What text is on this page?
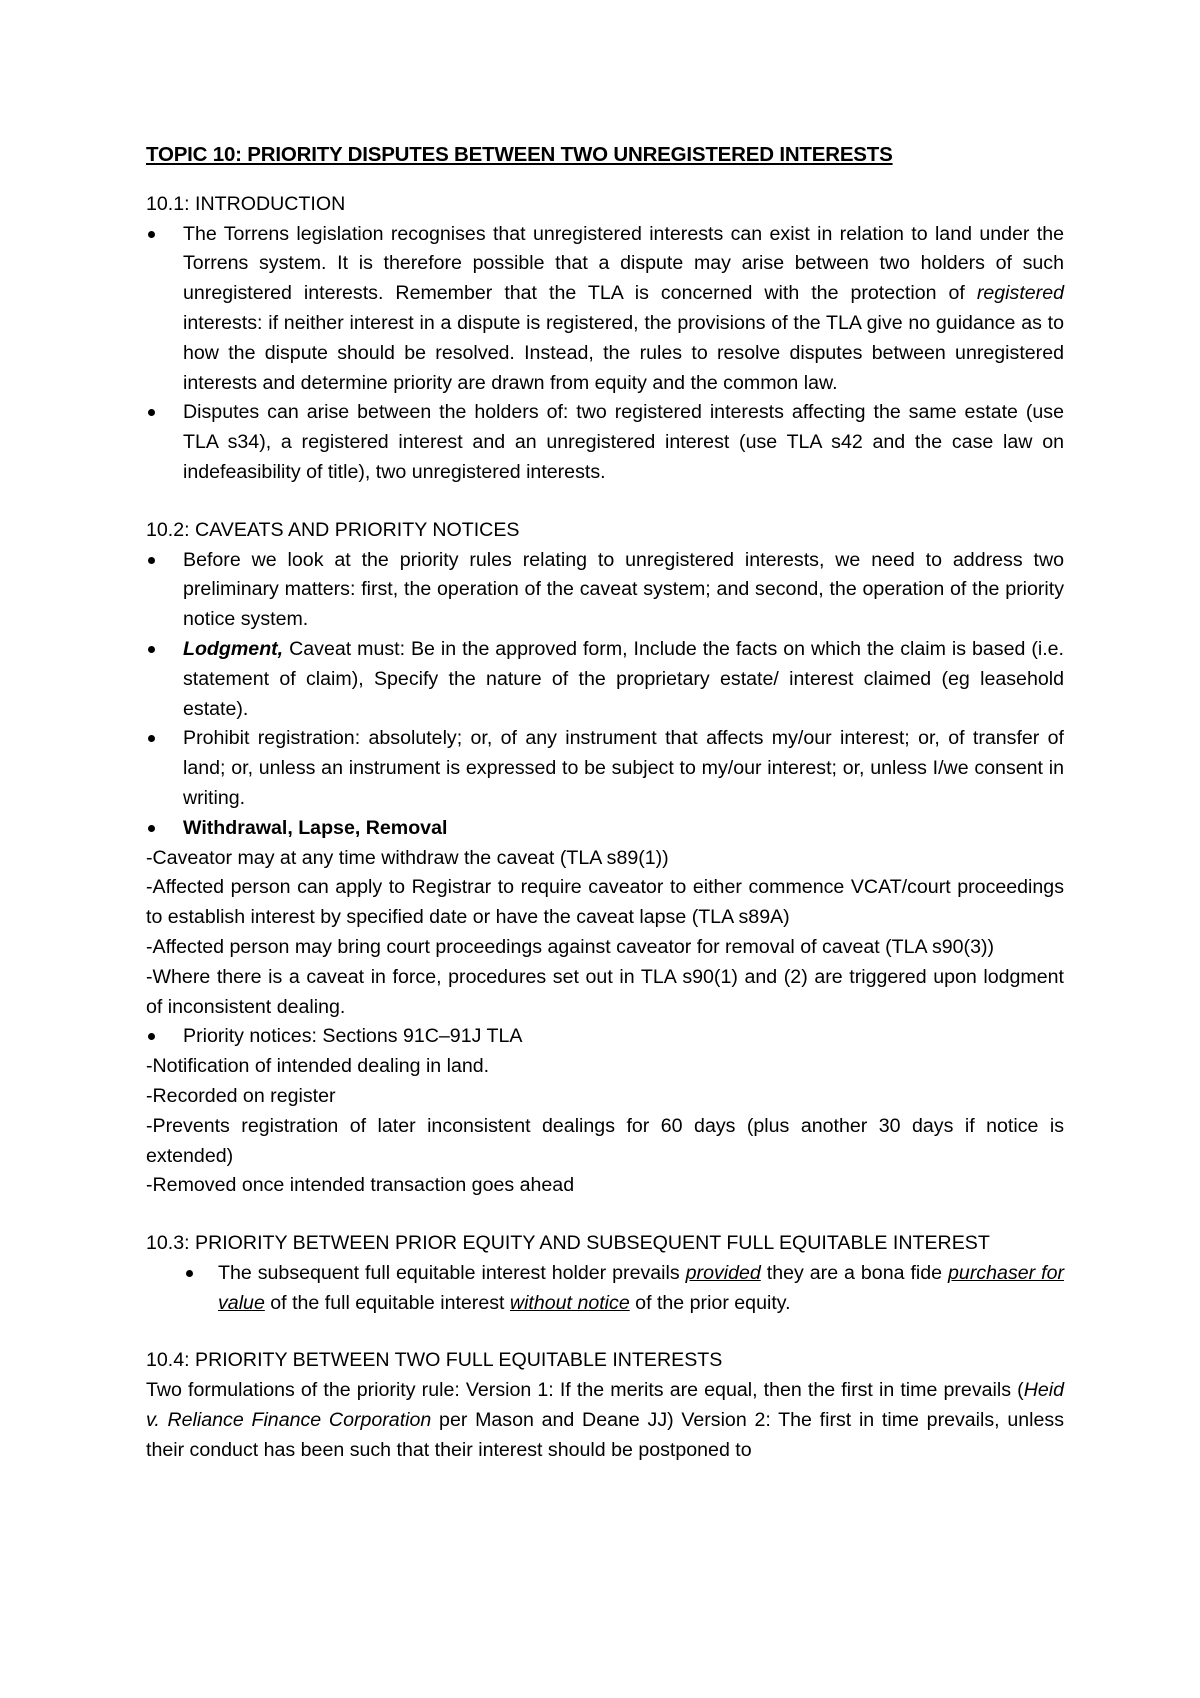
TOPIC 10: PRIORITY DISPUTES BETWEEN TWO UNREGISTERED INTERESTS

10.1: INTRODUCTION

The Torrens legislation recognises that unregistered interests can exist in relation to land under the Torrens system. It is therefore possible that a dispute may arise between two holders of such unregistered interests. Remember that the TLA is concerned with the protection of registered interests: if neither interest in a dispute is registered, the provisions of the TLA give no guidance as to how the dispute should be resolved. Instead, the rules to resolve disputes between unregistered interests and determine priority are drawn from equity and the common law.
Disputes can arise between the holders of: two registered interests affecting the same estate (use TLA s34), a registered interest and an unregistered interest (use TLA s42 and the case law on indefeasibility of title), two unregistered interests.

10.2: CAVEATS AND PRIORITY NOTICES

Before we look at the priority rules relating to unregistered interests, we need to address two preliminary matters: first, the operation of the caveat system; and second, the operation of the priority notice system.
Lodgment, Caveat must: Be in the approved form, Include the facts on which the claim is based (i.e. statement of claim), Specify the nature of the proprietary estate/ interest claimed (eg leasehold estate).
Prohibit registration: absolutely; or, of any instrument that affects my/our interest; or, of transfer of land; or, unless an instrument is expressed to be subject to my/our interest; or, unless I/we consent in writing.
Withdrawal, Lapse, Removal

-Caveator may at any time withdraw the caveat (TLA s89(1))

-Affected person can apply to Registrar to require caveator to either commence VCAT/court proceedings to establish interest by specified date or have the caveat lapse (TLA s89A)

-Affected person may bring court proceedings against caveator for removal of caveat (TLA s90(3))

-Where there is a caveat in force, procedures set out in TLA s90(1) and (2) are triggered upon lodgment of inconsistent dealing.

Priority notices: Sections 91C–91J TLA

-Notification of intended dealing in land.

-Recorded on register

-Prevents registration of later inconsistent dealings for 60 days (plus another 30 days if notice is extended)

-Removed once intended transaction goes ahead

10.3: PRIORITY BETWEEN PRIOR EQUITY AND SUBSEQUENT FULL EQUITABLE INTEREST

The subsequent full equitable interest holder prevails provided they are a bona fide purchaser for value of the full equitable interest without notice of the prior equity.

10.4: PRIORITY BETWEEN TWO FULL EQUITABLE INTERESTS

Two formulations of the priority rule: Version 1: If the merits are equal, then the first in time prevails (Heid v. Reliance Finance Corporation per Mason and Deane JJ) Version 2: The first in time prevails, unless their conduct has been such that their interest should be postponed to
